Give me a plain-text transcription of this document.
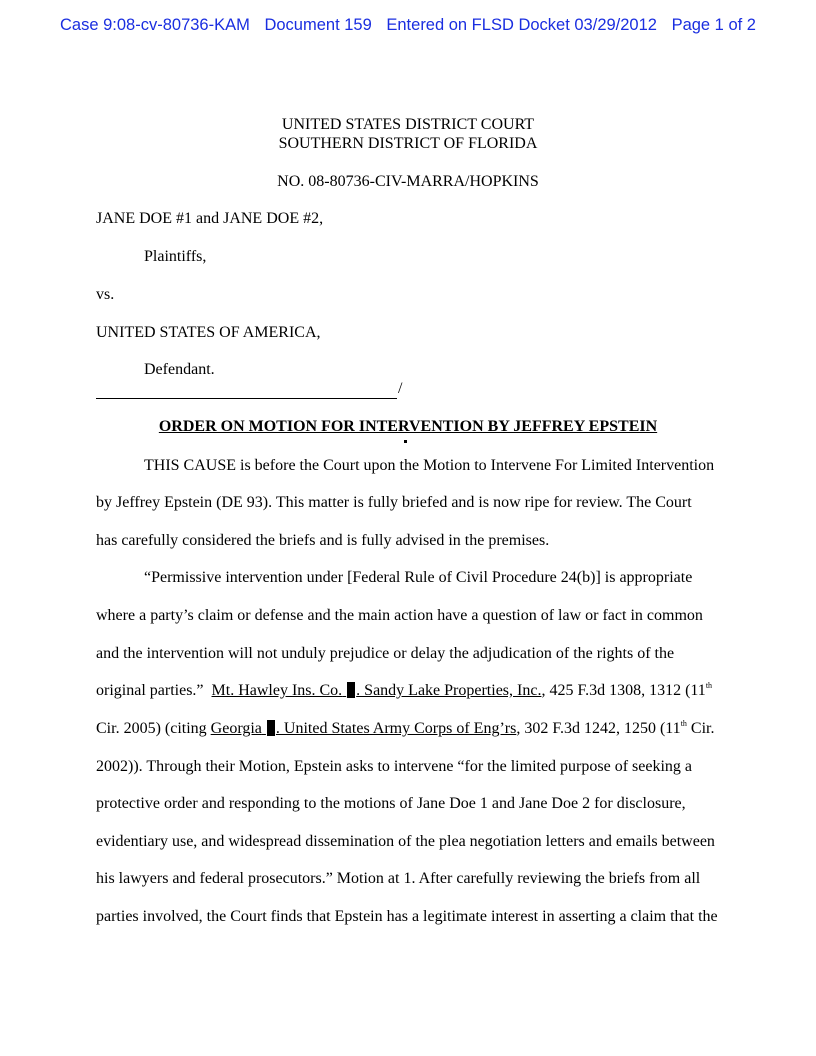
Case 9:08-cv-80736-KAM Document 159 Entered on FLSD Docket 03/29/2012 Page 1 of 2
UNITED STATES DISTRICT COURT
SOUTHERN DISTRICT OF FLORIDA
NO. 08-80736-CIV-MARRA/HOPKINS
JANE DOE #1 and JANE DOE #2,
Plaintiffs,
vs.
UNITED STATES OF AMERICA,
Defendant.
/
ORDER ON MOTION FOR INTERVENTION BY JEFFREY EPSTEIN
THIS CAUSE is before the Court upon the Motion to Intervene For Limited Intervention
by Jeffrey Epstein (DE 93). This matter is fully briefed and is now ripe for review. The Court
has carefully considered the briefs and is fully advised in the premises.
“Permissive intervention under [Federal Rule of Civil Procedure 24(b)] is appropriate
where a party’s claim or defense and the main action have a question of law or fact in common
and the intervention will not unduly prejudice or delay the adjudication of the rights of the
original parties.”  Mt. Hawley Ins. Co. . Sandy Lake Properties, Inc., 425 F.3d 1308, 1312 (11th
Cir. 2005) (citing Georgia . United States Army Corps of Eng’rs, 302 F.3d 1242, 1250 (11th Cir.
2002)). Through their Motion, Epstein asks to intervene “for the limited purpose of seeking a
protective order and responding to the motions of Jane Doe 1 and Jane Doe 2 for disclosure,
evidentiary use, and widespread dissemination of the plea negotiation letters and emails between
his lawyers and federal prosecutors.” Motion at 1. After carefully reviewing the briefs from all
parties involved, the Court finds that Epstein has a legitimate interest in asserting a claim that the
